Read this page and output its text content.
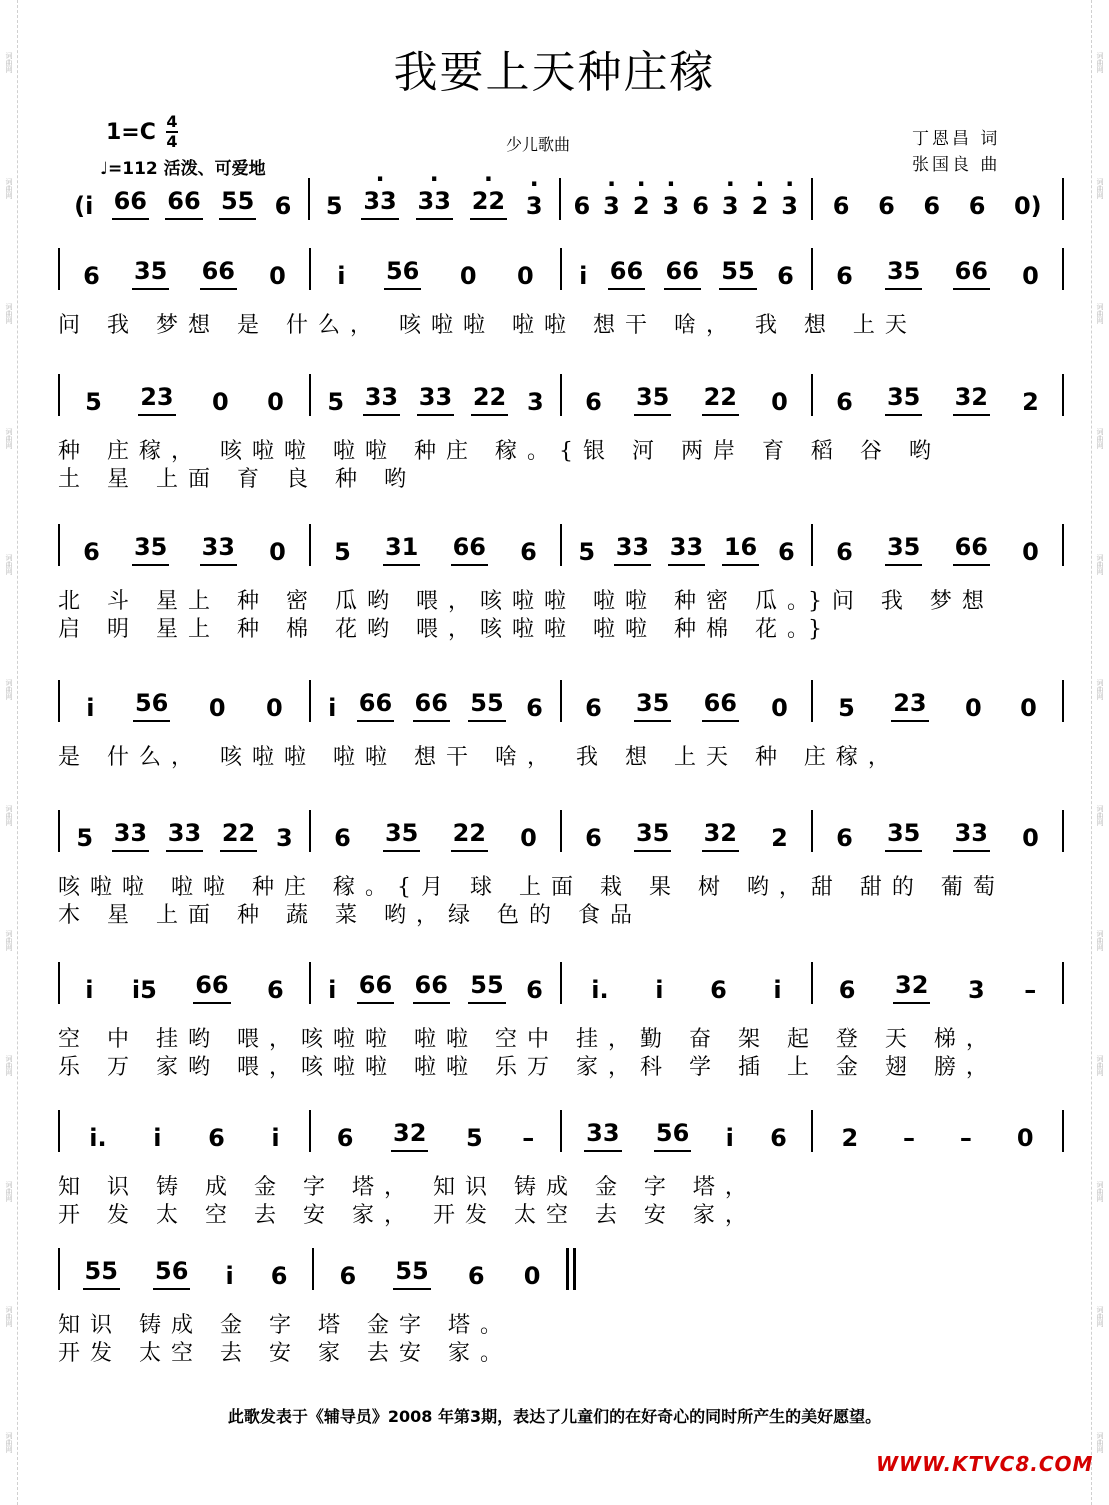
词曲网
词曲网
词曲网
词曲网
词曲网
词曲网
词曲网
词曲网
词曲网
词曲网
词曲网
词曲网
词曲网
词曲网
词曲网
词曲网
词曲网
词曲网
词曲网
词曲网
词曲网
词曲网
词曲网
词曲网
我要上天种庄稼
1=C 4
4
♩=112 活泼、可爱地
少儿歌曲	丁恩昌 词
张国良 曲
(i 66 66 55 6 5 · 33 · 33 · 22 · 3 6 · 3 · 2 · 3 6 · 3 · 2 · 3 6 6 6 6 0)
6 35 66 0 i 56 0 0 i 66 66 55 6 6 35 66 0
问 我 梦想 是 什么， 咳啦啦 啦啦 想干 啥， 我 想 上天
5 23 0 0 5 33 33 22 3 6 35 22 0 6 35 32 2
种 庄稼， 咳啦啦 啦啦 种庄 稼。{银 河 两岸 育 稻 谷 哟
土 星 上面 育 良 种 哟
6 35 33 0 5 31 66 6 5 33 33 16 6 6 35 66 0
北 斗 星上 种 密 瓜哟 喂，咳啦啦 啦啦 种密 瓜。}问 我 梦想
启 明 星上 种 棉 花哟 喂，咳啦啦 啦啦 种棉 花。}
i 56 0 0 i 66 66 55 6 6 35 66 0 5 23 0 0
是 什么， 咳啦啦 啦啦 想干 啥， 我 想 上天 种 庄稼，
5 33 33 22 3 6 35 22 0 6 35 32 2 6 35 33 0
咳啦啦 啦啦 种庄 稼。{月 球 上面 栽 果 树 哟，甜 甜的 葡萄
木 星 上面 种 蔬 菜 哟，绿 色的 食品
i i5 66 6 i 66 66 55 6 i. i 6 i 6 32 3 –
空 中 挂哟 喂，咳啦啦 啦啦 空中 挂，勤 奋 架 起 登 天 梯，
乐 万 家哟 喂，咳啦啦 啦啦 乐万 家，科 学 插 上 金 翅 膀，
i. i 6 i 6 32 5 – 33 56 i 6 2 – – 0
知 识 铸 成 金 字 塔， 知识 铸成 金 字 塔，
开 发 太 空 去 安 家， 开发 太空 去 安 家，
55 56 i 6 6 55 6 0
知识 铸成 金 字 塔 金字 塔。
开发 太空 去 安 家 去安 家。
此歌发表于《辅导员》2008 年第3期，表达了儿童们的在好奇心的同时所产生的美好愿望。
WWW.KTVC8.COM
